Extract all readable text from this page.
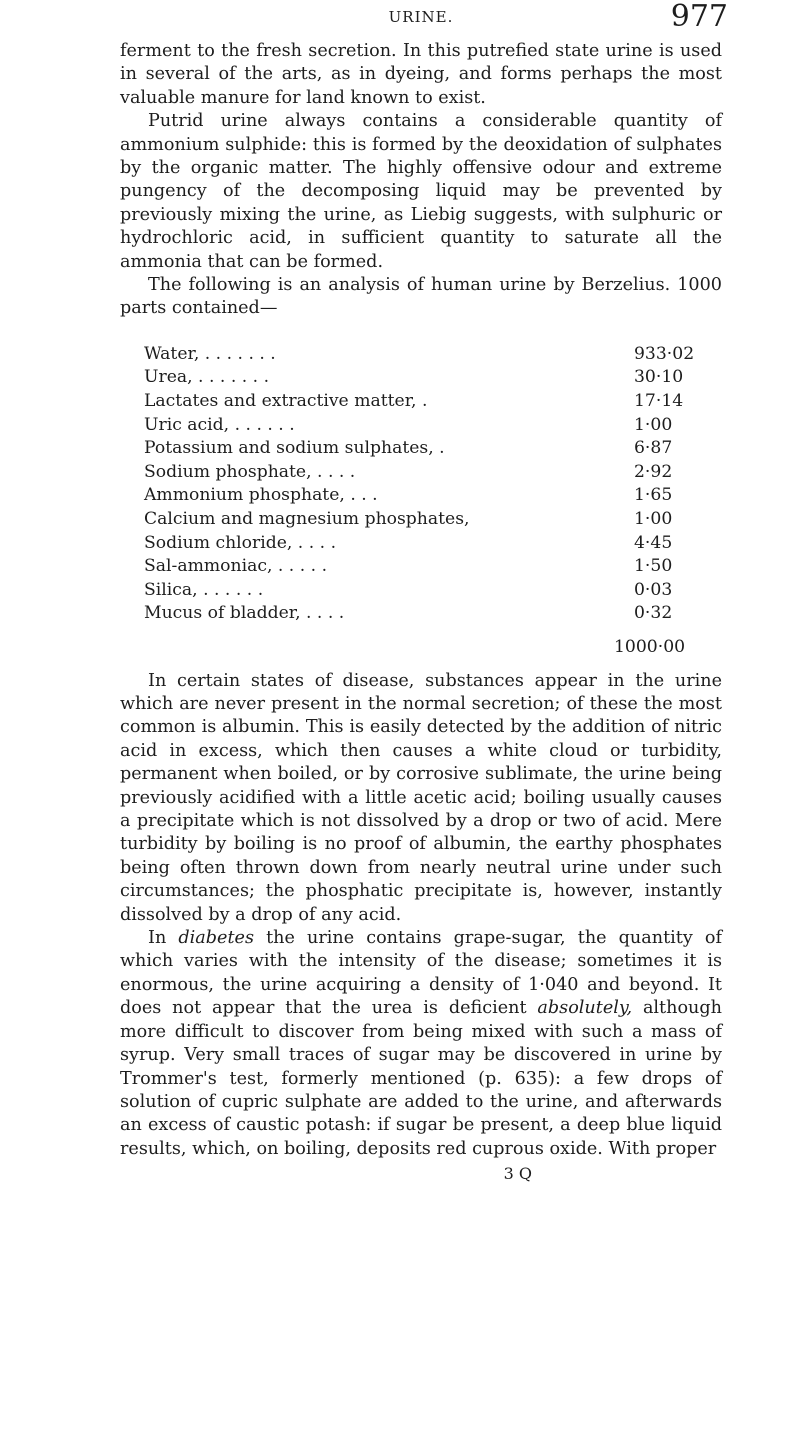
URINE.	977

ferment to the fresh secretion. In this putrefied state urine is used in several of the arts, as in dyeing, and forms perhaps the most valuable manure for land known to exist.

Putrid urine always contains a considerable quantity of ammonium sulphide: this is formed by the deoxidation of sulphates by the organic matter. The highly offensive odour and extreme pungency of the decomposing liquid may be prevented by previously mixing the urine, as Liebig suggests, with sulphuric or hydrochloric acid, in sufficient quantity to saturate all the ammonia that can be formed.

The following is an analysis of human urine by Berzelius. 1000 parts contained—

Water, . . . . . . .	933·02
Urea, . . . . . . .	30·10
Lactates and extractive matter, .	17·14
Uric acid, . . . . . .	1·00
Potassium and sodium sulphates, .	6·87
Sodium phosphate, . . . .	2·92
Ammonium phosphate, . . .	1·65
Calcium and magnesium phosphates,	1·00
Sodium chloride, . . . .	4·45
Sal-ammoniac, . . . . .	1·50
Silica, . . . . . .	0·03
Mucus of bladder, . . . .	0·32
1000·00

In certain states of disease, substances appear in the urine which are never present in the normal secretion; of these the most common is albumin. This is easily detected by the addition of nitric acid in excess, which then causes a white cloud or turbidity, permanent when boiled, or by corrosive sublimate, the urine being previously acidified with a little acetic acid; boiling usually causes a precipitate which is not dissolved by a drop or two of acid. Mere turbidity by boiling is no proof of albumin, the earthy phosphates being often thrown down from nearly neutral urine under such circumstances; the phosphatic precipitate is, however, instantly dissolved by a drop of any acid.

In diabetes the urine contains grape-sugar, the quantity of which varies with the intensity of the disease; sometimes it is enormous, the urine acquiring a density of 1·040 and beyond. It does not appear that the urea is deficient absolutely, although more difficult to discover from being mixed with such a mass of syrup. Very small traces of sugar may be discovered in urine by Trommer's test, formerly mentioned (p. 635): a few drops of solution of cupric sulphate are added to the urine, and afterwards an excess of caustic potash: if sugar be present, a deep blue liquid results, which, on boiling, deposits red cuprous oxide. With proper

3 Q
